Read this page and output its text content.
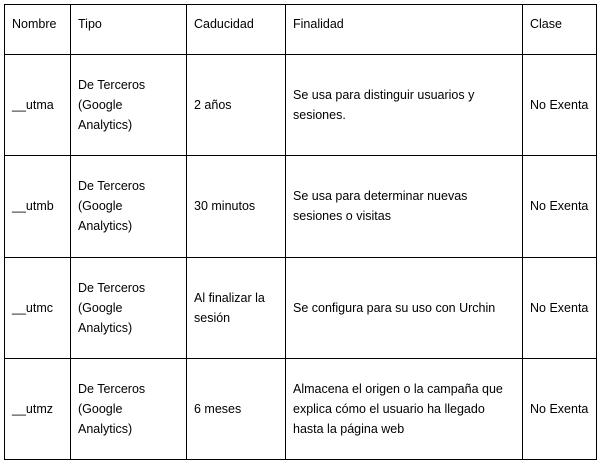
Nombre	Tipo	Caducidad	Finalidad	Clase
__utma	De Terceros (Google Analytics)	2 años	Se usa para distinguir usuarios y sesiones.	No Exenta
__utmb	De Terceros (Google Analytics)	30 minutos	Se usa para determinar nuevas sesiones o visitas	No Exenta
__utmc	De Terceros (Google Analytics)	Al finalizar la sesión	Se configura para su uso con Urchin	No Exenta
__utmz	De Terceros (Google Analytics)	6 meses	Almacena el origen o la campaña que explica cómo el usuario ha llegado hasta la página web	No Exenta
